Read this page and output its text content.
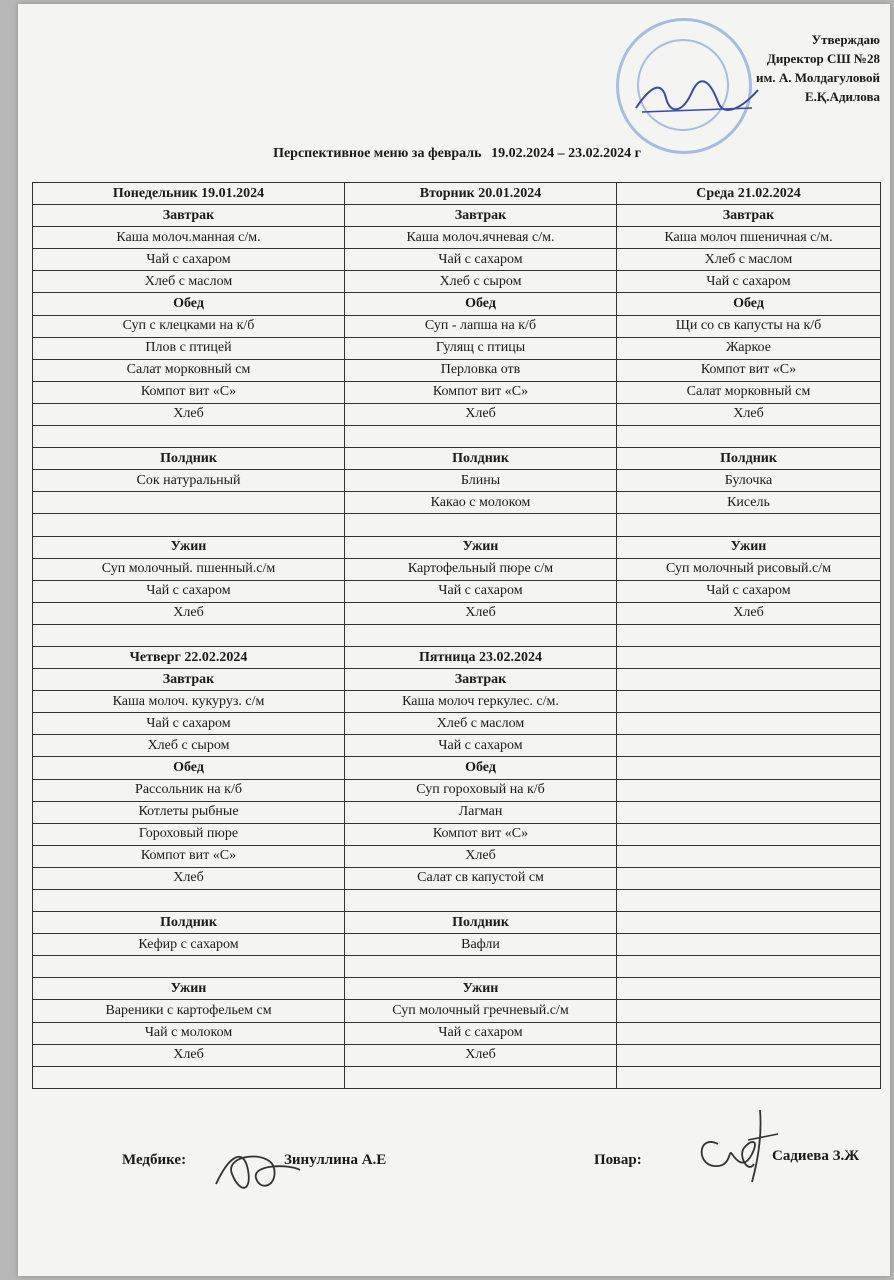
Утверждаю
Директор СШ №28
им. А. Молдагуловой
Е.Қ.Адилова
Перспективное меню за февраль 19.02.2024 – 23.02.2024 г
Понедельник 19.01.2024	Вторник 20.01.2024	Среда 21.02.2024
Завтрак	Завтрак	Завтрак
Каша молоч.манная с/м.	Каша молоч.ячневая с/м.	Каша молоч пшеничная с/м.
Чай с сахаром	Чай с сахаром	Хлеб с маслом
Хлеб с маслом	Хлеб с сыром	Чай с сахаром
Обед	Обед	Обед
Суп с клецками на к/б	Суп - лапша на к/б	Щи со св капусты на к/б
Плов с птицей	Гулящ с птицы	Жаркое
Салат морковный см	Перловка отв	Компот вит «С»
Компот вит «С»	Компот вит «С»	Салат морковный см
Хлеб	Хлеб	Хлеб

Полдник	Полдник	Полдник
Сок натуральный	Блины	Булочка
	Какао с молоком	Кисель

Ужин	Ужин	Ужин
Суп молочный. пшенный.с/м	Картофельный пюре с/м	Суп молочный рисовый.с/м
Чай с сахаром	Чай с сахаром	Чай с сахаром
Хлеб	Хлеб	Хлеб

Четверг 22.02.2024	Пятница 23.02.2024	
Завтрак	Завтрак	
Каша молоч. кукуруз. с/м	Каша молоч геркулес. с/м.	
Чай с сахаром	Хлеб с маслом	
Хлеб с сыром	Чай с сахаром	
Обед	Обед	
Рассольник на к/б	Суп гороховый на к/б	
Котлеты рыбные	Лагман	
Гороховый пюре	Компот вит «С»	
Компот вит «С»	Хлеб	
Хлеб	Салат св капустой см	

Полдник	Полдник	
Кефир с сахаром	Вафли	

Ужин	Ужин	
Вареники с картофельем см	Суп молочный гречневый.с/м	
Чай с молоком	Чай с сахаром	
Хлеб	Хлеб	

Медбике:	Зинуллина А.Е	Повар:	Садиева З.Ж
